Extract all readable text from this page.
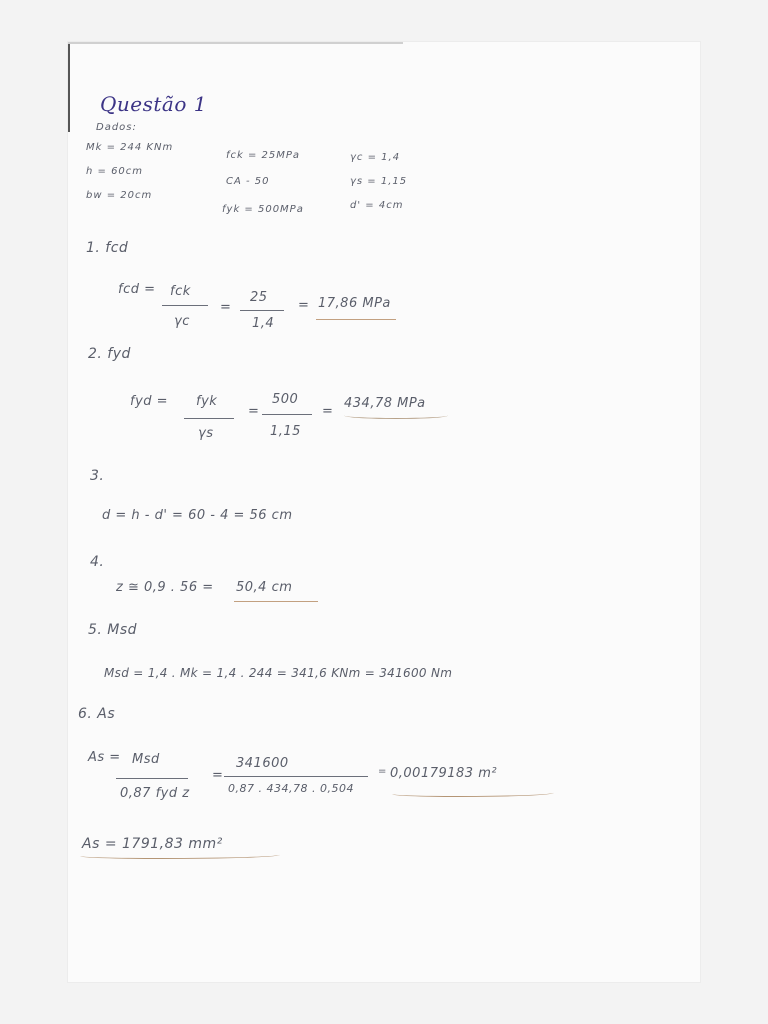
Questão 1
Dados:
Mk = 244 KNm
h = 60cm
bw = 20cm
fck = 25MPa
CA - 50
fyk = 500MPa
γc = 1,4
γs = 1,15
d' = 4cm
1. fcd
fcd = fck
γc
=
25
1,4
= 17,86 MPa
2. fyd
fyd = fyk
γs
=
500
1,15
=
434,78 MPa
3.
d = h - d' = 60 - 4 = 56 cm
4.
z ≅ 0,9 . 56 = 50,4 cm
5. Msd
Msd = 1,4 . Mk = 1,4 . 244 = 341,6 KNm = 341600 Nm
6. As
As = Msd
0,87 fyd z
=
341600
0,87 . 434,78 . 0,504
= 0,00179183 m²
As = 1791,83 mm²
